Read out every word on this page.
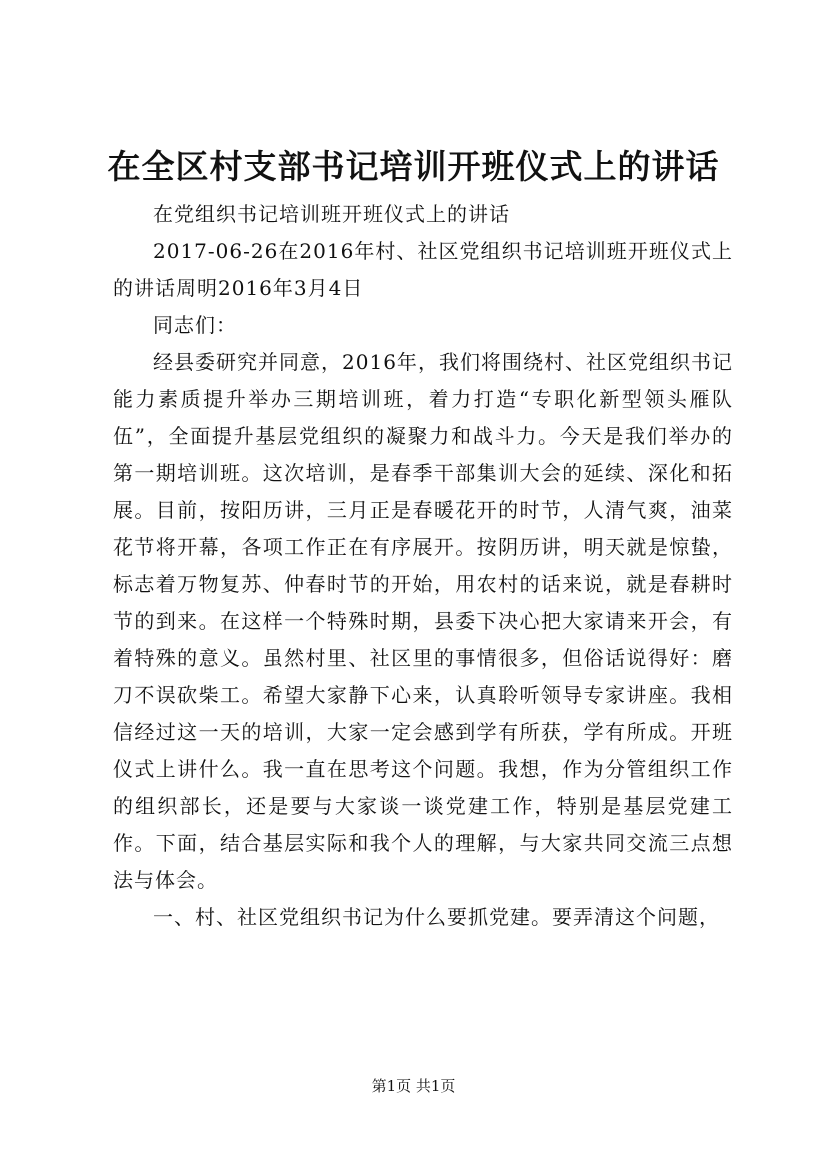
在全区村支部书记培训开班仪式上的讲话

在党组织书记培训班开班仪式上的讲话

2017-06-26在2016年村、社区党组织书记培训班开班仪式上的讲话周明2016年3月4日

同志们：

经县委研究并同意，2016年，我们将围绕村、社区党组织书记能力素质提升举办三期培训班，着力打造“专职化新型领头雁队伍”，全面提升基层党组织的凝聚力和战斗力。今天是我们举办的第一期培训班。这次培训，是春季干部集训大会的延续、深化和拓展。目前，按阳历讲，三月正是春暖花开的时节，人清气爽，油菜花节将开幕，各项工作正在有序展开。按阴历讲，明天就是惊蛰，标志着万物复苏、仲春时节的开始，用农村的话来说，就是春耕时节的到来。在这样一个特殊时期，县委下决心把大家请来开会，有着特殊的意义。虽然村里、社区里的事情很多，但俗话说得好：磨刀不误砍柴工。希望大家静下心来，认真聆听领导专家讲座。我相信经过这一天的培训，大家一定会感到学有所获，学有所成。开班仪式上讲什么。我一直在思考这个问题。我想，作为分管组织工作的组织部长，还是要与大家谈一谈党建工作，特别是基层党建工作。下面，结合基层实际和我个人的理解，与大家共同交流三点想法与体会。

一、村、社区党组织书记为什么要抓党建。要弄清这个问题，

第1页 共1页
